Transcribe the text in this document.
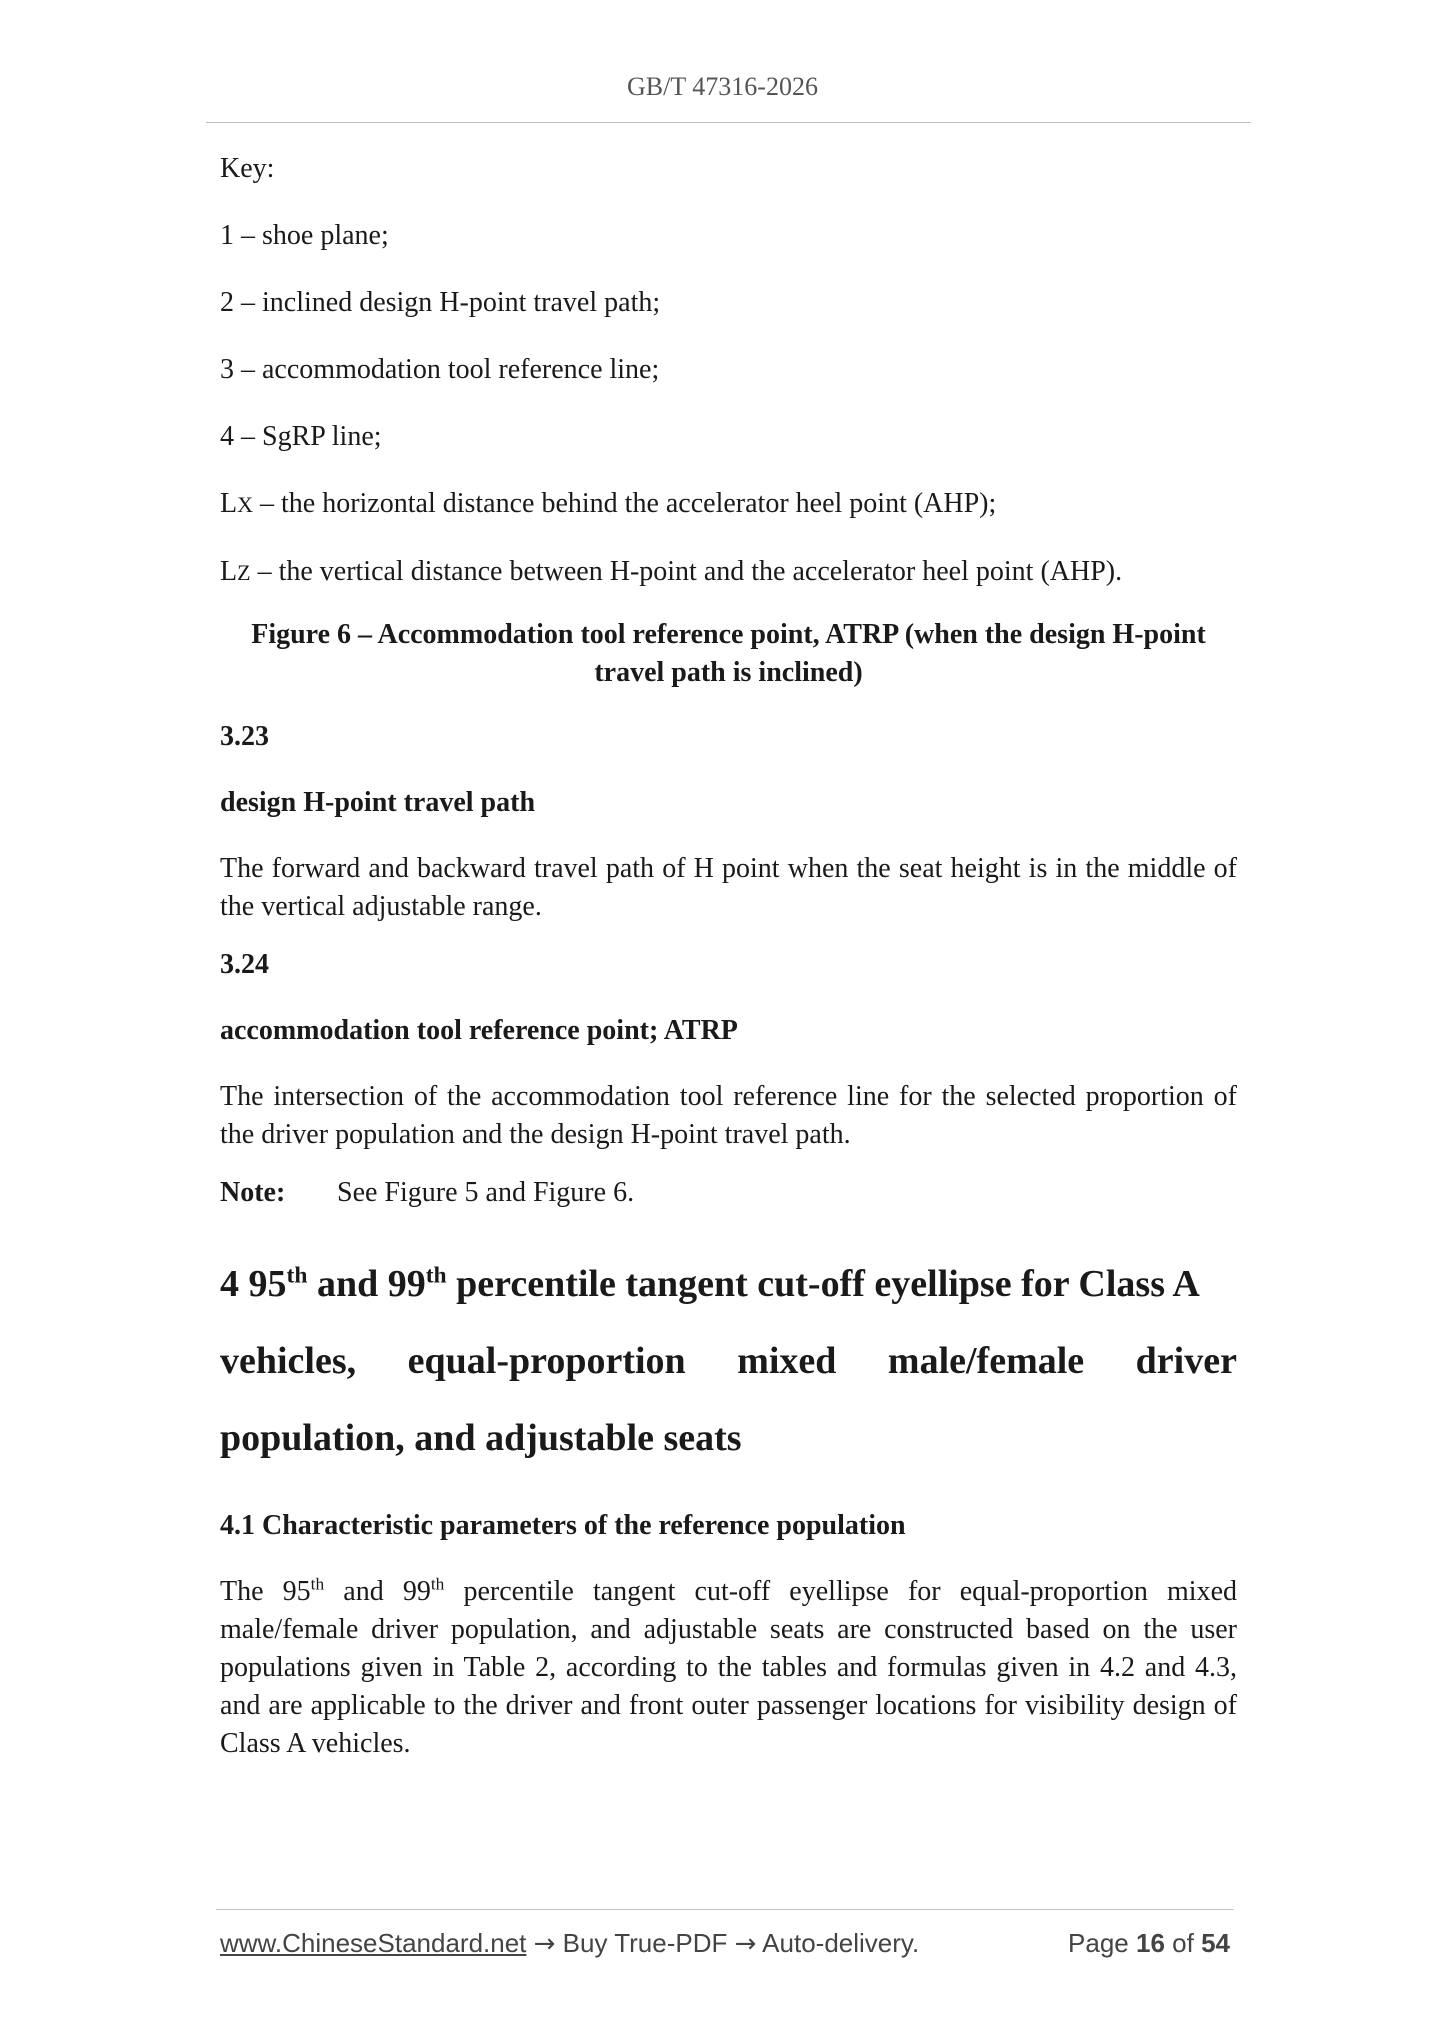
GB/T 47316-2026

Key:

1 – shoe plane;

2 – inclined design H-point travel path;

3 – accommodation tool reference line;

4 – SgRP line;

LX – the horizontal distance behind the accelerator heel point (AHP);

LZ – the vertical distance between H-point and the accelerator heel point (AHP).

Figure 6 – Accommodation tool reference point, ATRP (when the design H-point
travel path is inclined)

3.23

design H-point travel path

The forward and backward travel path of H point when the seat height is in the middle of the vertical adjustable range.

3.24

accommodation tool reference point; ATRP

The intersection of the accommodation tool reference line for the selected proportion of the driver population and the design H-point travel path.

Note:	See Figure 5 and Figure 6.
4 95th and 99th percentile tangent cut-off eyellipse for Class A
vehicles, equal-proportion mixed male/female driver
population, and adjustable seats

4.1 Characteristic parameters of the reference population

The 95th and 99th percentile tangent cut-off eyellipse for equal-proportion mixed male/female driver population, and adjustable seats are constructed based on the user populations given in Table 2, according to the tables and formulas given in 4.2 and 4.3, and are applicable to the driver and front outer passenger locations for visibility design of Class A vehicles.

www.ChineseStandard.net → Buy True-PDF → Auto-delivery.	Page 16 of 54
